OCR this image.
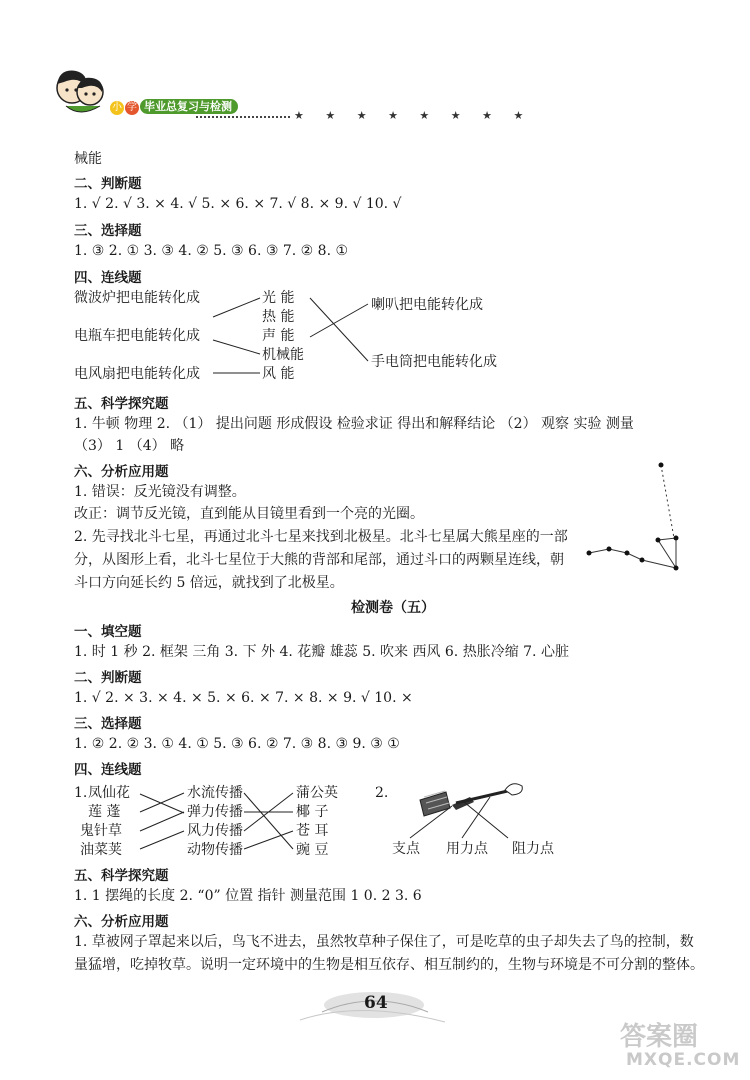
小 学 毕业总复习与检测
★ ★ ★ ★ ★ ★ ★ ★
械能
二、判断题
1. √ 2. √ 3. × 4. √ 5. × 6. × 7. √ 8. × 9. √ 10. √
三、选择题
1. ③ 2. ① 3. ③ 4. ② 5. ③ 6. ③ 7. ② 8. ①
四、连线题
微波炉把电能转化成
电瓶车把电能转化成
电风扇把电能转化成
光 能
热 能
声 能
机械能
风 能
喇叭把电能转化成
手电筒把电能转化成
五、科学探究题
1. 牛顿 物理 2. （1） 提出问题 形成假设 检验求证 得出和解释结论 （2） 观察 实验 测量
（3） 1 （4） 略
六、分析应用题
1. 错误：反光镜没有调整。
改正：调节反光镜，直到能从目镜里看到一个亮的光圈。
2. 先寻找北斗七星，再通过北斗七星来找到北极星。北斗七星属大熊星座的一部
分，从图形上看，北斗七星位于大熊的背部和尾部，通过斗口的两颗星连线，朝
斗口方向延长约 5 倍远，就找到了北极星。
检测卷（五）
一、填空题
1. 时 1 秒 2. 框架 三角 3. 下 外 4. 花瓣 雄蕊 5. 吹来 西风 6. 热胀冷缩 7. 心脏
二、判断题
1. √ 2. × 3. × 4. × 5. × 6. × 7. × 8. × 9. √ 10. ×
三、选择题
1. ② 2. ② 3. ① 4. ① 5. ③ 6. ② 7. ③ 8. ③ 9. ③ ①
四、连线题
1. 凤仙花
莲 蓬
鬼针草
油菜荚
水流传播
弹力传播
风力传播
动物传播
蒲公英
椰 子
苍 耳
豌 豆
2.
支点 用力点 阻力点
五、科学探究题
1. 1 摆绳的长度 2. “0” 位置 指针 测量范围 1 0. 2 3. 6
六、分析应用题
1. 草被网子罩起来以后，鸟飞不进去，虽然牧草种子保住了，可是吃草的虫子却失去了鸟的控制，数
量猛增，吃掉牧草。说明一定环境中的生物是相互依存、相互制约的，生物与环境是不可分割的整体。
64
答案圈
MXQE.COM
